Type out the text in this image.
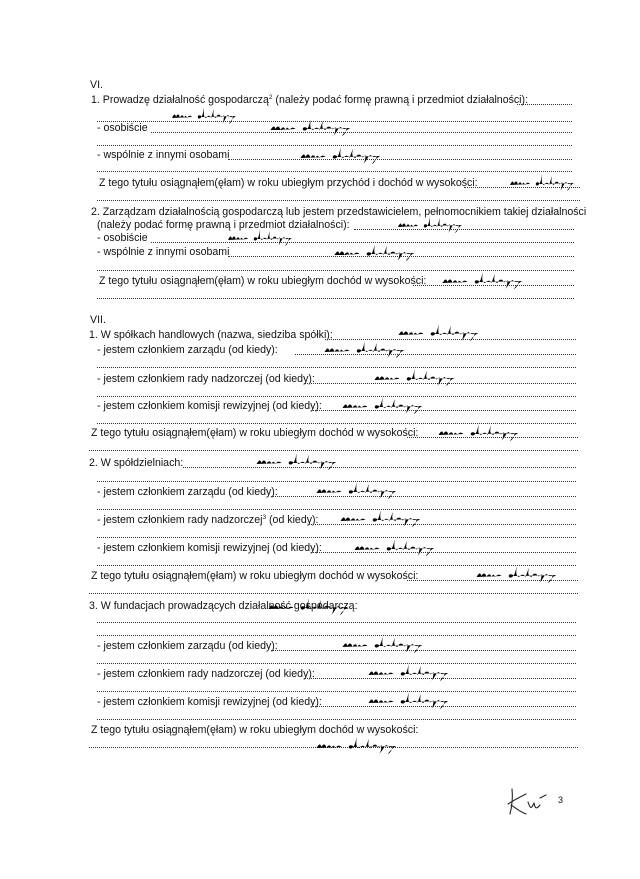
VI.
1. Prowadzę działalność gospodarczą$^2$ (należy podać formę prawną i przedmiot działalności):
- osobiście
- wspólnie z innymi osobami
Z tego tytułu osiągnąłem(ęłam) w roku ubiegłym przychód i dochód w wysokości:
2. Zarządzam działalnością gospodarczą lub jestem przedstawicielem, pełnomocnikiem takiej działalności
(należy podać formę prawną i przedmiot działalności):
- osobiście
- wspólnie z innymi osobami
Z tego tytułu osiągnąłem(ęłam) w roku ubiegłym dochód w wysokości:
VII.
1. W spółkach handlowych (nazwa, siedziba spółki):
- jestem członkiem zarządu (od kiedy):
- jestem członkiem rady nadzorczej (od kiedy):
- jestem członkiem komisji rewizyjnej (od kiedy):
Z tego tytułu osiągnąłem(ęłam) w roku ubiegłym dochód w wysokości:
2. W spółdzielniach:
- jestem członkiem zarządu (od kiedy):
- jestem członkiem rady nadzorczej$^3$ (od kiedy):
- jestem członkiem komisji rewizyjnej (od kiedy):
Z tego tytułu osiągnąłem(ęłam) w roku ubiegłym dochód w wysokości:
3. W fundacjach prowadzących działalność gospodarczą:
- jestem członkiem zarządu (od kiedy):
- jestem członkiem rady nadzorczej (od kiedy):
- jestem członkiem komisji rewizyjnej (od kiedy):
Z tego tytułu osiągnąłem(ęłam) w roku ubiegłym dochód w wysokości:
3
